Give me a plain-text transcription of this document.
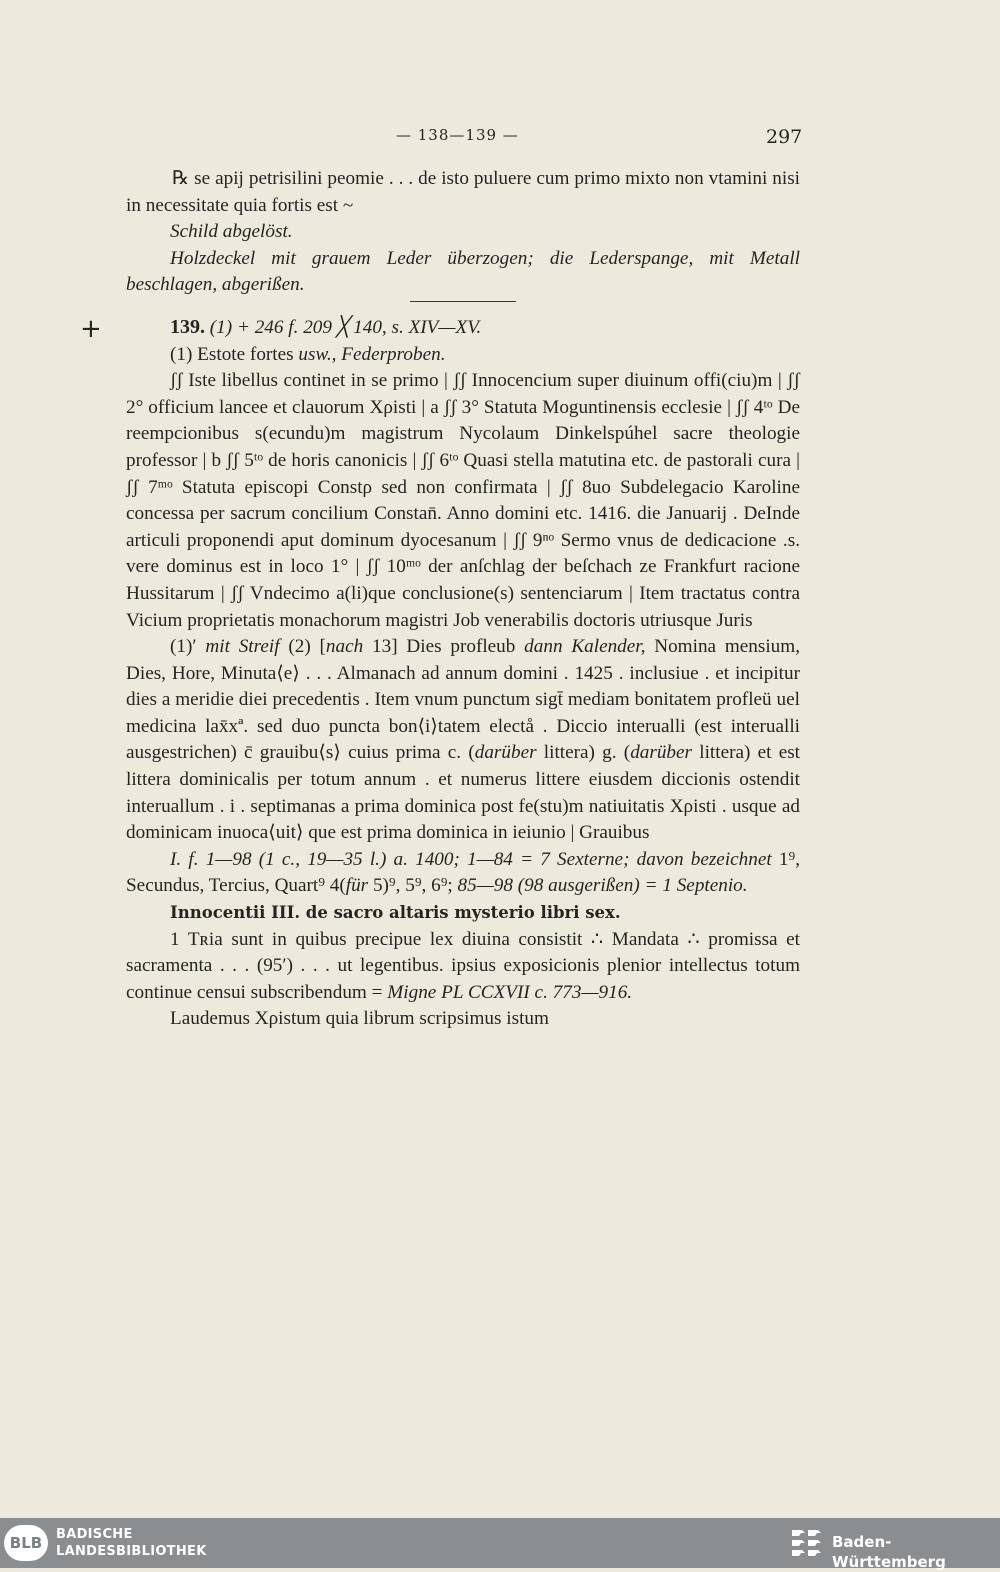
— 138—139 —	297
+

℞ se apij petrisilini peomie . . . de isto puluere cum primo mixto non vtamini nisi in necessitate quia fortis est ~

Schild abgelöst.

Holzdeckel mit grauem Leder überzogen; die Lederspange, mit Metall beschlagen, abgerißen.

139. (1) + 246 f. 209 ╳ 140, s. XIV—XV.

(1) Estote fortes usw., Federproben.

ʃʃ Iste libellus continet in se primo | ʃʃ Innocencium super diuinum offi(ciu)m | ʃʃ 2° officium lancee et clauorum Xρisti | a ʃʃ 3° Statuta Moguntinensis ecclesie | ʃʃ 4ᵗᵒ De reempcionibus s(ecundu)m magistrum Nycolaum Dinkelspúhel sacre theologie professor | b ʃʃ 5ᵗᵒ de horis canonicis | ʃʃ 6ᵗᵒ Quasi stella matutina etc. de pastorali cura | ʃʃ 7ᵐᵒ Statuta episcopi Constρ sed non confirmata | ʃʃ 8uo Subdelegacio Karoline concessa per sacrum concilium Constan̄. Anno domini etc. 1416. die Januarij . DeInde articuli proponendi aput dominum dyocesanum | ʃʃ 9ⁿᵒ Sermo vnus de dedicacione .s. vere dominus est in loco 1° | ʃʃ 10ᵐᵒ der anſchlag der beſchach ze Frankfurt racione Hussitarum | ʃʃ Vndecimo a(li)que conclusione(s) sentenciarum | Item tractatus contra Vicium proprietatis monachorum magistri Job venerabilis doctoris utriusque Juris

(1)′ mit Streif (2) [nach 13] Dies profleub dann Kalender, Nomina mensium, Dies, Hore, Minuta⟨e⟩ . . . Almanach ad annum domini . 1425 . inclusiue . et incipitur dies a meridie diei precedentis . Item vnum punctum sigt̄ mediam bonitatem profleü uel medicina lax̄xª. sed duo puncta bon⟨i⟩tatem electå . Diccio interualli (est interualli ausgestrichen) c̄ grauibu⟨s⟩ cuius prima c. (darüber littera) g. (darüber littera) et est littera dominicalis per totum annum . et numerus littere eiusdem diccionis ostendit interuallum . i . septimanas a prima dominica post fe(stu)m natiuitatis Xρisti . usque ad dominicam inuoca⟨uit⟩ que est prima dominica in ieiunio | Grauibus

I. f. 1—98 (1 c., 19—35 l.) a. 1400; 1—84 = 7 Sexterne; davon bezeichnet 1⁹, Secundus, Tercius, Quart⁹ 4(für 5)⁹, 5⁹, 6⁹; 85—98 (98 ausgerißen) = 1 Septenio.

Innocentii III. de sacro altaris mysterio libri sex.

1 Tʀia sunt in quibus precipue lex diuina consistit ∴ Mandata ∴ promissa et sacramenta . . . (95′) . . . ut legentibus. ipsius exposicionis plenior intellectus totum continue censui subscribendum = Migne PL CCXVII c. 773—916.

Laudemus Xρistum quia librum scripsimus istum

BLB	BADISCHE
LANDESBIBLIOTHEK
Baden-Württemberg
